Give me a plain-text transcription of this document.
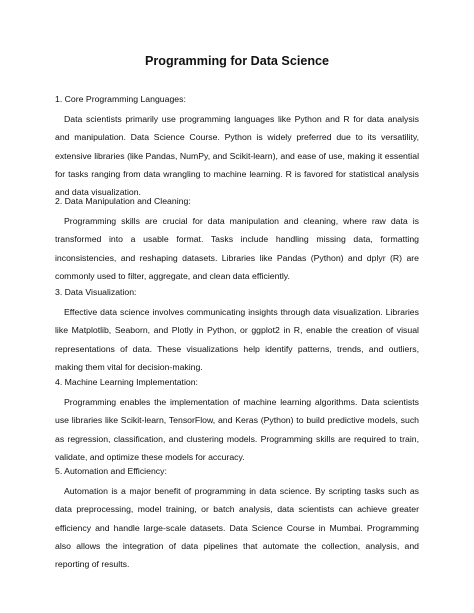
Programming for Data Science

1. Core Programming Languages:

Data scientists primarily use programming languages like Python and R for data analysis and manipulation. Data Science Course. Python is widely preferred due to its versatility, extensive libraries (like Pandas, NumPy, and Scikit-learn), and ease of use, making it essential for tasks ranging from data wrangling to machine learning. R is favored for statistical analysis and data visualization.

2. Data Manipulation and Cleaning:

Programming skills are crucial for data manipulation and cleaning, where raw data is transformed into a usable format. Tasks include handling missing data, formatting inconsistencies, and reshaping datasets. Libraries like Pandas (Python) and dplyr (R) are commonly used to filter, aggregate, and clean data efficiently.

3. Data Visualization:

Effective data science involves communicating insights through data visualization. Libraries like Matplotlib, Seaborn, and Plotly in Python, or ggplot2 in R, enable the creation of visual representations of data. These visualizations help identify patterns, trends, and outliers, making them vital for decision-making.

4. Machine Learning Implementation:

Programming enables the implementation of machine learning algorithms. Data scientists use libraries like Scikit-learn, TensorFlow, and Keras (Python) to build predictive models, such as regression, classification, and clustering models. Programming skills are required to train, validate, and optimize these models for accuracy.

5. Automation and Efficiency:

Automation is a major benefit of programming in data science. By scripting tasks such as data preprocessing, model training, or batch analysis, data scientists can achieve greater efficiency and handle large-scale datasets. Data Science Course in Mumbai. Programming also allows the integration of data pipelines that automate the collection, analysis, and reporting of results.
